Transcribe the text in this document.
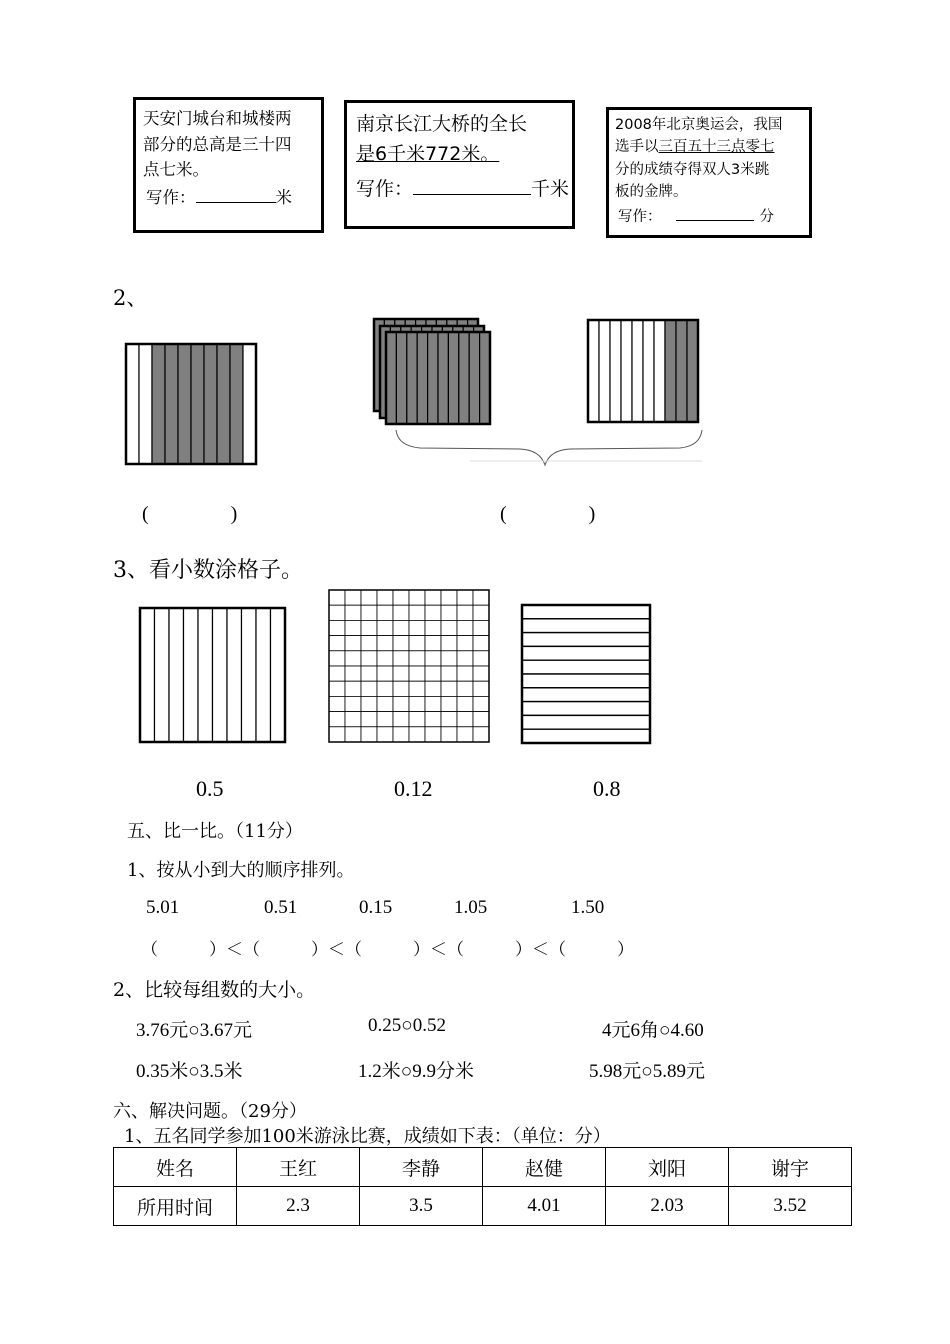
天安门城台和城楼两
部分的总高是三十四
点七米。
写作：	米
南京长江大桥的全长
是6千米772米。
写作：	千米
2008年北京奥运会，我国
选手以三百五十三点零七
分的成绩夺得双人3米跳
板的金牌。
写作：	分
2、
(	)	(	)
3、看小数涂格子。
0.5	0.12	0.8
五、比一比。（11分）
1、按从小到大的顺序排列。
5.01	0.51	0.15	1.05	1.50
（　　　）＜（　　　）＜（　　　）＜（　　　）＜（　　　）
2、比较每组数的大小。
3.76元○3.67元	0.25○0.52	4元6角○4.60
0.35米○3.5米	1.2米○9.9分米	5.98元○5.89元
六、解决问题。（29分）
1、五名同学参加100米游泳比赛，成绩如下表：（单位：分）
姓名	王红	李静	赵健	刘阳	谢宇
所用时间	2.3	3.5	4.01	2.03	3.52
